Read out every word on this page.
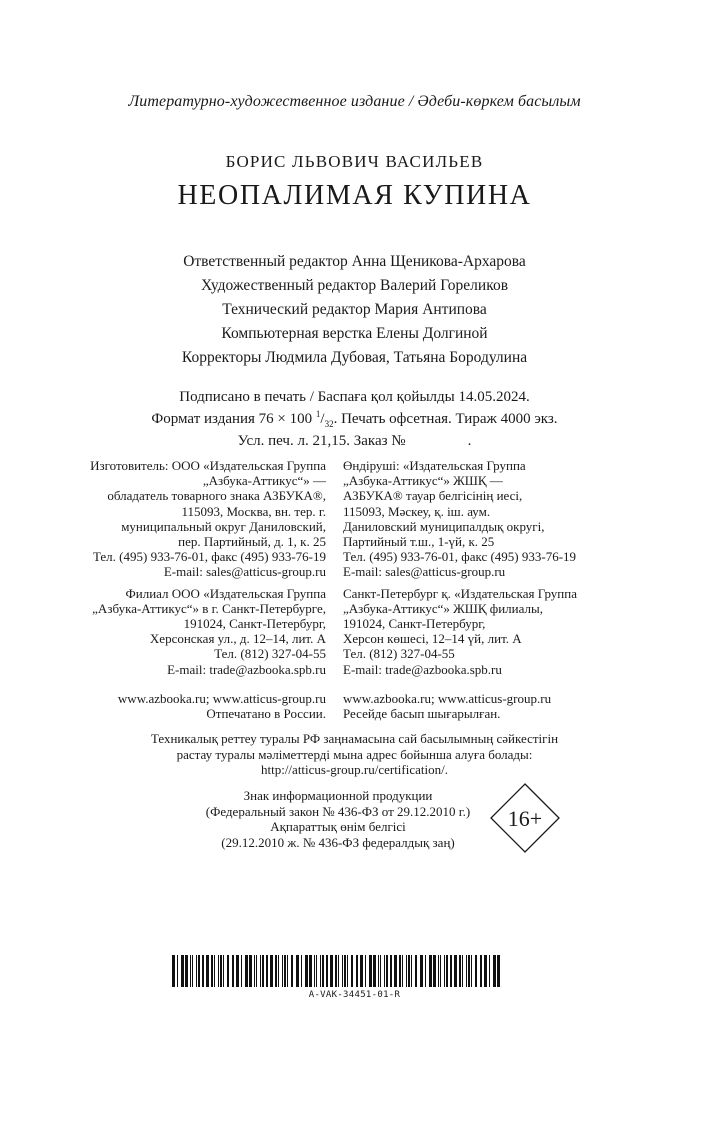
Литературно-художественное издание / Әдеби-көркем басылым
БОРИС ЛЬВОВИЧ ВАСИЛЬЕВ
НЕОПАЛИМАЯ КУПИНА
Ответственный редактор Анна Щеникова-Архарова
Художественный редактор Валерий Гореликов
Технический редактор Мария Антипова
Компьютерная верстка Елены Долгиной
Корректоры Людмила Дубовая, Татьяна Бородулина
Подписано в печать / Баспаға қол қойылды 14.05.2024.
Формат издания 76 × 100 $^1/_{32}$. Печать офсетная. Тираж 4000 экз.
Усл. печ. л. 21,15. Заказ №	.
Изготовитель: ООО «Издательская Группа
„Азбука-Аттикус“» —
обладатель товарного знака АЗБУКА®,
115093, Москва, вн. тер. г.
муниципальный округ Даниловский,
пер. Партийный, д. 1, к. 25
Тел. (495) 933-76-01, факс (495) 933-76-19
E-mail: sales@atticus-group.ru
Филиал ООО «Издательская Группа
„Азбука-Аттикус“» в г. Санкт-Петербурге,
191024, Санкт-Петербург,
Херсонская ул., д. 12–14, лит. А
Тел. (812) 327-04-55
E-mail: trade@azbooka.spb.ru
www.azbooka.ru; www.atticus-group.ru
Отпечатано в России.
Өндіруші: «Издательская Группа
„Азбука-Аттикус“» ЖШҚ —
АЗБУКА® тауар белгісінің иесі,
115093, Мәскеу, қ. іш. аум.
Даниловский муниципалдық округі,
Партийный т.ш., 1-үй, к. 25
Тел. (495) 933-76-01, факс (495) 933-76-19
E-mail: sales@atticus-group.ru
Санкт-Петербург қ. «Издательская Группа
„Азбука-Аттикус“» ЖШҚ филиалы,
191024, Санкт-Петербург,
Херсон көшесі, 12–14 үй, лит. А
Тел. (812) 327-04-55
E-mail: trade@azbooka.spb.ru
www.azbooka.ru; www.atticus-group.ru
Ресейде басып шығарылған.
Техникалық реттеу туралы РФ заңнамасына сай басылымның сәйкестігін
растау туралы мәліметтерді мына адрес бойынша алуға болады:
http://atticus-group.ru/certification/.
Знак информационной продукции
(Федеральный закон № 436-ФЗ от 29.12.2010 г.)
Ақпараттық өнім белгісі
(29.12.2010 ж. № 436-ФЗ федералдық заң)
16+
A-VAK-34451-01-R
